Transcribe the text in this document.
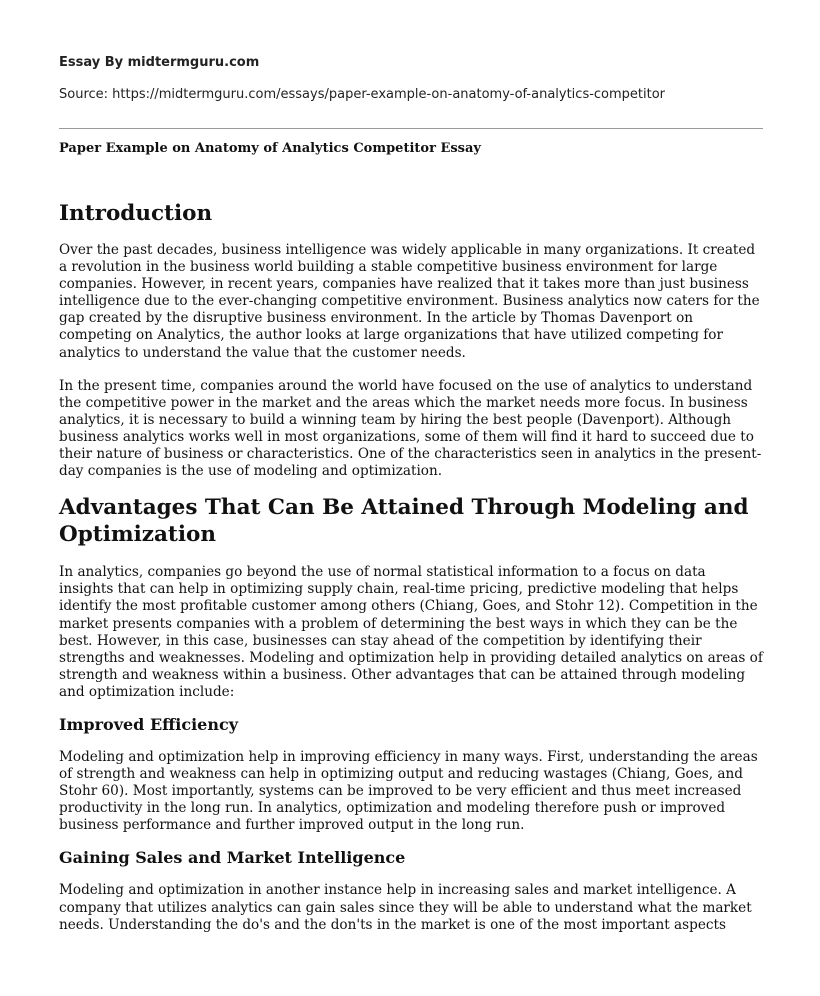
Essay By midtermguru.com
Source: https://midtermguru.com/essays/paper-example-on-anatomy-of-analytics-competitor
Paper Example on Anatomy of Analytics Competitor Essay
Introduction

Over the past decades, business intelligence was widely applicable in many organizations. It created a revolution in the business world building a stable competitive business environment for large companies. However, in recent years, companies have realized that it takes more than just business intelligence due to the ever-changing competitive environment. Business analytics now caters for the gap created by the disruptive business environment. In the article by Thomas Davenport on competing on Analytics, the author looks at large organizations that have utilized competing for analytics to understand the value that the customer needs.

In the present time, companies around the world have focused on the use of analytics to understand the competitive power in the market and the areas which the market needs more focus. In business analytics, it is necessary to build a winning team by hiring the best people (Davenport). Although business analytics works well in most organizations, some of them will find it hard to succeed due to their nature of business or characteristics. One of the characteristics seen in analytics in the present-day companies is the use of modeling and optimization.

Advantages That Can Be Attained Through Modeling and Optimization

In analytics, companies go beyond the use of normal statistical information to a focus on data insights that can help in optimizing supply chain, real-time pricing, predictive modeling that helps identify the most profitable customer among others (Chiang, Goes, and Stohr 12). Competition in the market presents companies with a problem of determining the best ways in which they can be the best. However, in this case, businesses can stay ahead of the competition by identifying their strengths and weaknesses. Modeling and optimization help in providing detailed analytics on areas of strength and weakness within a business. Other advantages that can be attained through modeling and optimization include:

Improved Efficiency

Modeling and optimization help in improving efficiency in many ways. First, understanding the areas of strength and weakness can help in optimizing output and reducing wastages (Chiang, Goes, and Stohr 60). Most importantly, systems can be improved to be very efficient and thus meet increased productivity in the long run. In analytics, optimization and modeling therefore push or improved business performance and further improved output in the long run.

Gaining Sales and Market Intelligence

Modeling and optimization in another instance help in increasing sales and market intelligence. A company that utilizes analytics can gain sales since they will be able to understand what the market needs. Understanding the do's and the don'ts in the market is one of the most important aspects
